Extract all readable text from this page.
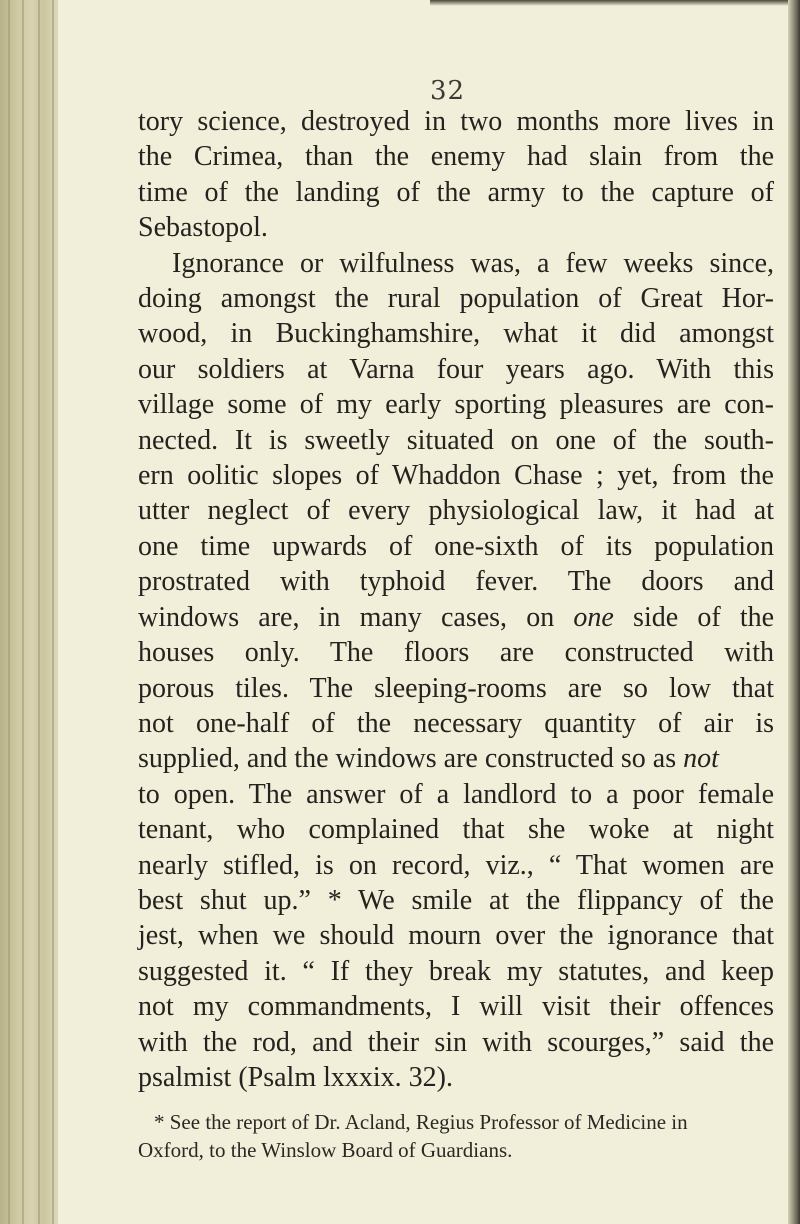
32
tory science, destroyed in two months more lives in
the Crimea, than the enemy had slain from the
time of the landing of the army to the capture of
Sebastopol.
Ignorance or wilfulness was, a few weeks since,
doing amongst the rural population of Great Hor-
wood, in Buckinghamshire, what it did amongst
our soldiers at Varna four years ago. With this
village some of my early sporting pleasures are con-
nected. It is sweetly situated on one of the south-
ern oolitic slopes of Whaddon Chase ; yet, from the
utter neglect of every physiological law, it had at
one time upwards of one-sixth of its population
prostrated with typhoid fever. The doors and
windows are, in many cases, on one side of the
houses only. The floors are constructed with
porous tiles. The sleeping-rooms are so low that
not one-half of the necessary quantity of air is
supplied, and the windows are constructed so as not
to open. The answer of a landlord to a poor female
tenant, who complained that she woke at night
nearly stifled, is on record, viz., “ That women are
best shut up.” * We smile at the flippancy of the
jest, when we should mourn over the ignorance that
suggested it. “ If they break my statutes, and keep
not my commandments, I will visit their offences
with the rod, and their sin with scourges,” said the
psalmist (Psalm lxxxix. 32).
* See the report of Dr. Acland, Regius Professor of Medicine in
Oxford, to the Winslow Board of Guardians.
